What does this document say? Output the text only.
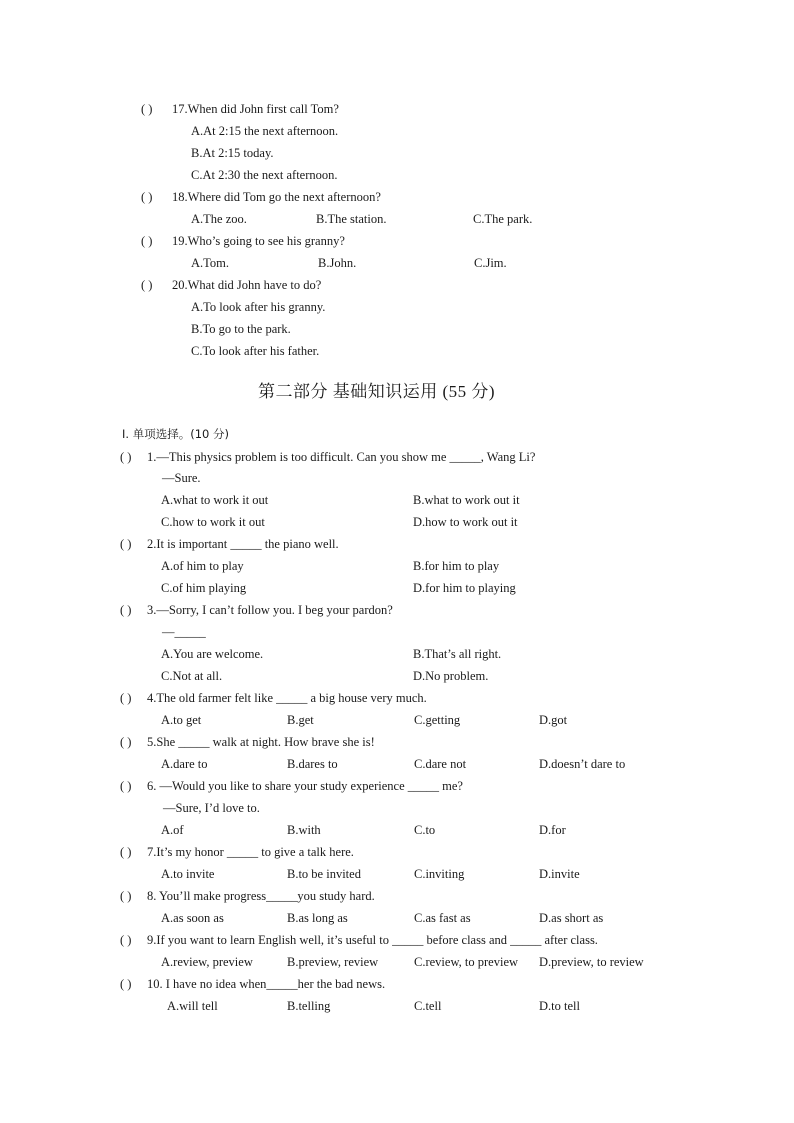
( ) 17.When did John first call Tom?
A.At 2:15 the next afternoon.
B.At 2:15 today.
C.At 2:30 the next afternoon.
( ) 18.Where did Tom go the next afternoon?
A.The zoo.	B.The station.	C.The park.
( ) 19.Who’s going to see his granny?
A.Tom.	B.John.	C.Jim.
( ) 20.What did John have to do?
A.To look after his granny.
B.To go to the park.
C.To look after his father.
第二部分 基础知识运用 (55 分)
Ⅰ. 单项选择。(10 分)
( ) 1.—This physics problem is too difficult. Can you show me _____, Wang Li?
—Sure.
A.what to work it out	B.what to work out it
C.how to work it out	D.how to work out it
( ) 2.It is important _____ the piano well.
A.of him to play	B.for him to play
C.of him playing	D.for him to playing
( ) 3.—Sorry, I can’t follow you. I beg your pardon?
—_____
A.You are welcome.	B.That’s all right.
C.Not at all.	D.No problem.
( ) 4.The old farmer felt like _____ a big house very much.
A.to get	B.get	C.getting	D.got
( ) 5.She _____ walk at night. How brave she is!
A.dare to	B.dares to	C.dare not	D.doesn’t dare to
( ) 6. —Would you like to share your study experience _____ me?
—Sure, I’d love to.
A.of	B.with	C.to	D.for
( ) 7.It’s my honor _____ to give a talk here.
A.to invite	B.to be invited	C.inviting	D.invite
( ) 8. You’ll make progress_____you study hard.
A.as soon as	B.as long as	C.as fast as	D.as short as
( ) 9.If you want to learn English well, it’s useful to _____ before class and _____ after class.
A.review, preview	B.preview, review	C.review, to preview D.preview, to review
( ) 10. I have no idea when_____her the bad news.
A.will tell	B.telling	C.tell	D.to tell
